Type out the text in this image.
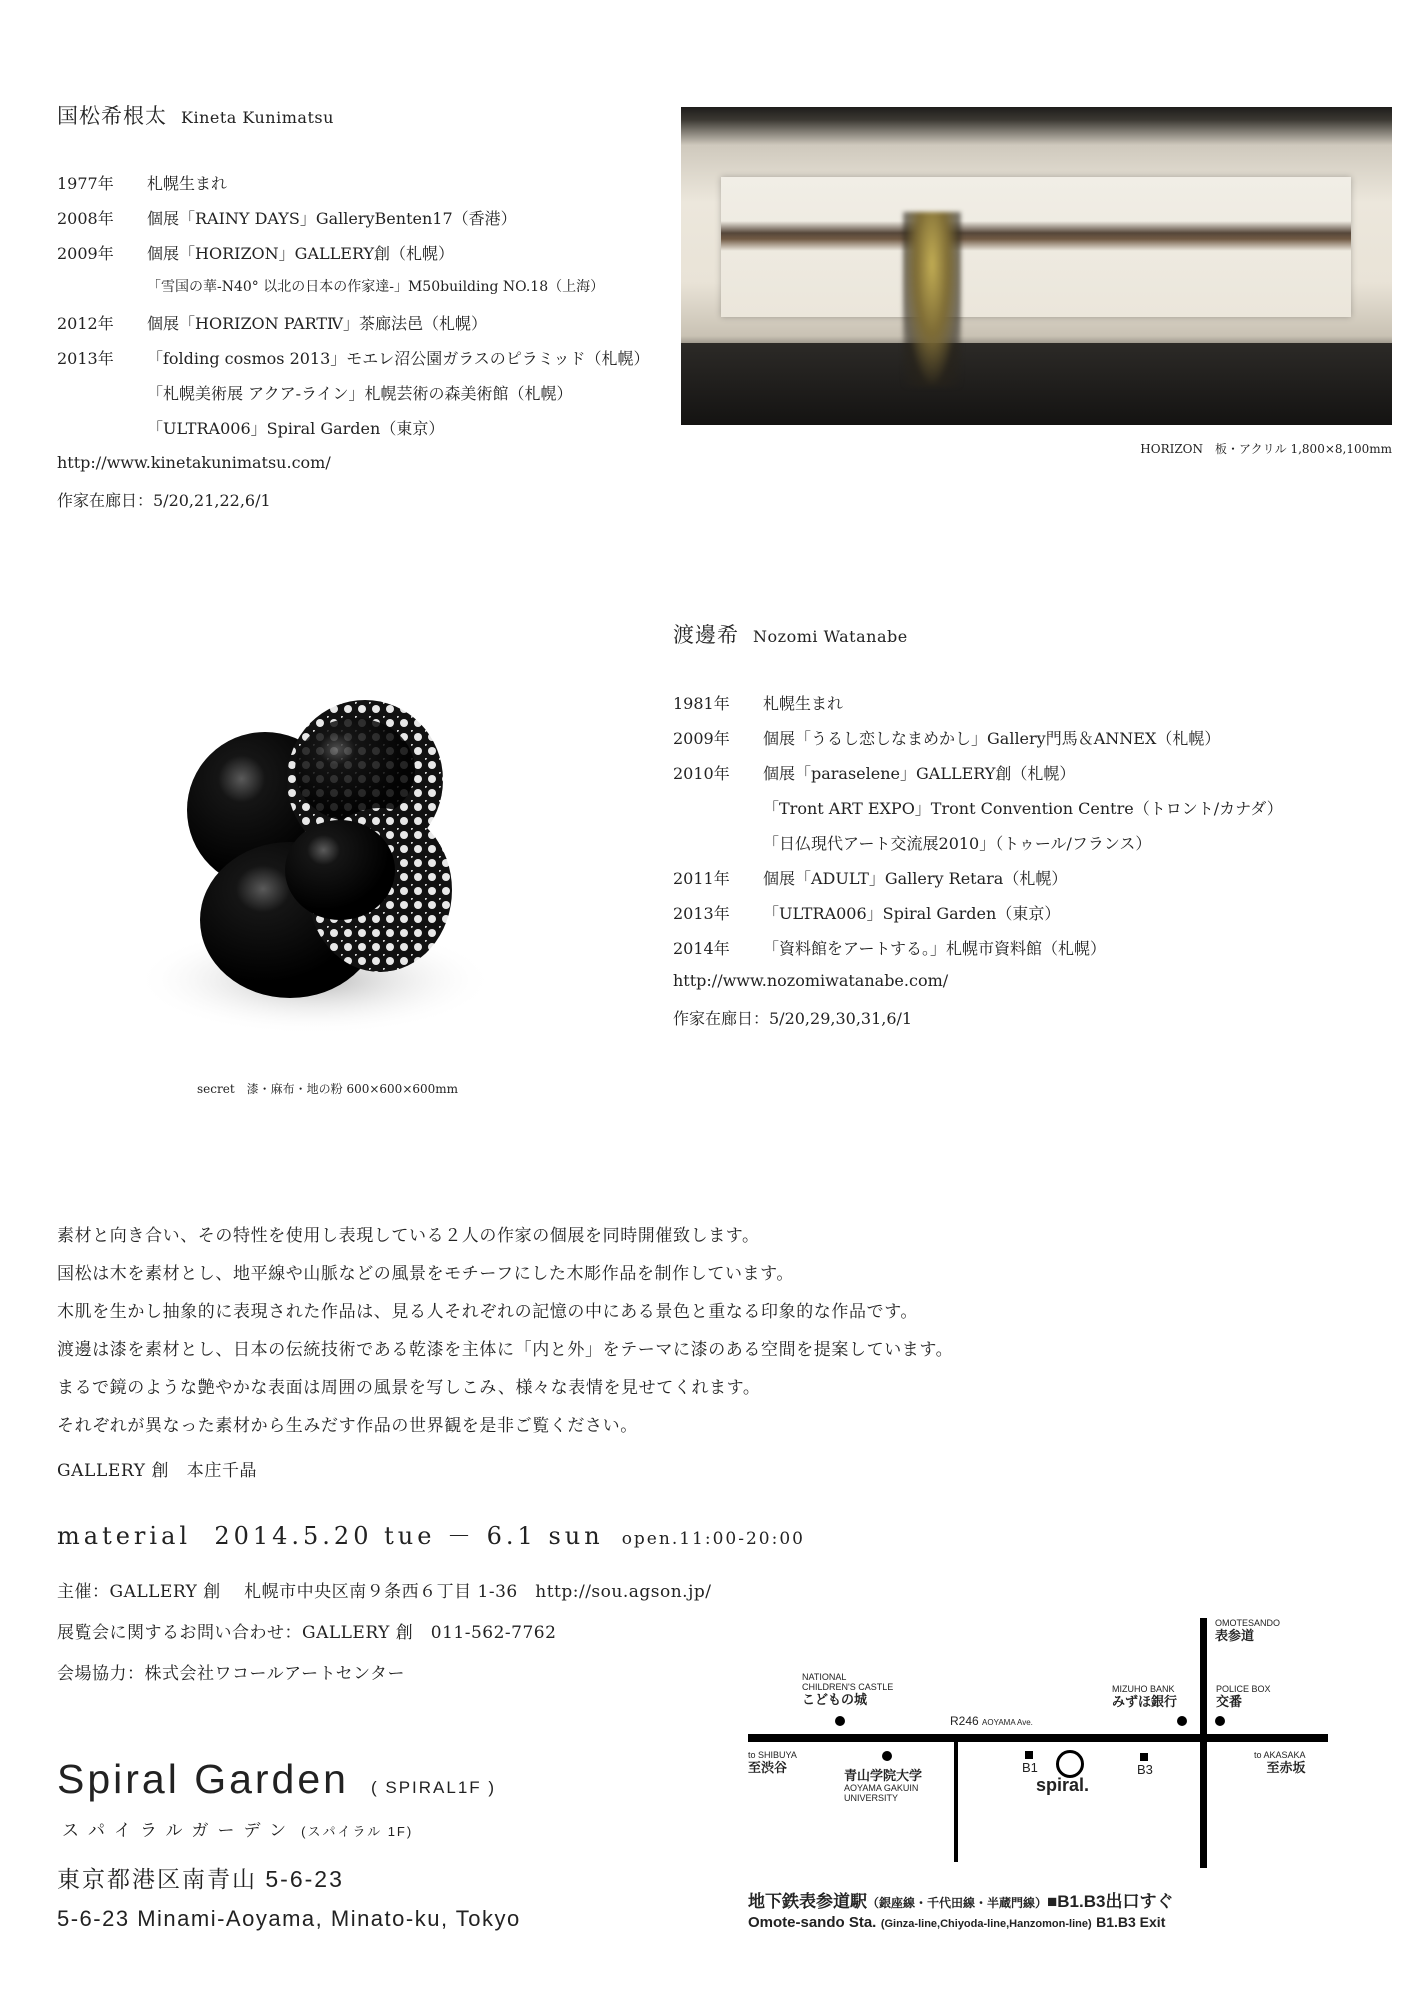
国松希根太 Kineta Kunimatsu
1977年 札幌生まれ
2008年 個展「RAINY DAYS」GalleryBenten17（香港）
2009年 個展「HORIZON」GALLERY創（札幌）
「雪国の華-N40° 以北の日本の作家達-」M50building NO.18（上海）
2012年 個展「HORIZON PARTⅣ」茶廊法邑（札幌）
2013年 「folding cosmos 2013」モエレ沼公園ガラスのピラミッド（札幌）
「札幌美術展 アクア-ライン」札幌芸術の森美術館（札幌）
「ULTRA006」Spiral Garden（東京）
http://www.kinetakunimatsu.com/
作家在廊日：5/20,21,22,6/1
HORIZON　板・アクリル 1,800×8,100mm
渡邊希 Nozomi Watanabe
1981年 札幌生まれ
2009年 個展「うるし恋しなまめかし」Gallery門馬＆ANNEX（札幌）
2010年 個展「paraselene」GALLERY創（札幌）
「Tront ART EXPO」Tront Convention Centre（トロント/カナダ）
「日仏現代アート交流展2010」（トゥール/フランス）
2011年 個展「ADULT」Gallery Retara（札幌）
2013年 「ULTRA006」Spiral Garden（東京）
2014年 「資料館をアートする。」札幌市資料館（札幌）
http://www.nozomiwatanabe.com/
作家在廊日：5/20,29,30,31,6/1
secret　漆・麻布・地の粉 600×600×600mm
素材と向き合い、その特性を使用し表現している２人の作家の個展を同時開催致します。
国松は木を素材とし、地平線や山脈などの風景をモチーフにした木彫作品を制作しています。
木肌を生かし抽象的に表現された作品は、見る人それぞれの記憶の中にある景色と重なる印象的な作品です。
渡邊は漆を素材とし、日本の伝統技術である乾漆を主体に「内と外」をテーマに漆のある空間を提案しています。
まるで鏡のような艶やかな表面は周囲の風景を写しこみ、様々な表情を見せてくれます。
それぞれが異なった素材から生みだす作品の世界観を是非ご覧ください。
GALLERY 創　本庄千晶
material 2014.5.20 tue － 6.1 sun open.11:00-20:00
主催：GALLERY 創　 札幌市中央区南９条西６丁目 1-36　http://sou.agson.jp/
展覧会に関するお問い合わせ：GALLERY 創　011-562-7762
会場協力：株式会社ワコールアートセンター
Spiral Garden ( SPIRAL1F )
スパイラルガーデン (スパイラル 1F)
東京都港区南青山 5-6-23
5-6-23 Minami-Aoyama, Minato-ku, Tokyo
OMOTESANDO
表参道
NATIONAL
CHILDREN'S CASTLE
こどもの城
MIZUHO BANK
みずほ銀行
POLICE BOX
交番
R246 AOYAMA Ave.
to SHIBUYA
至渋谷
to AKASAKA
至赤坂
青山学院大学
AOYAMA GAKUIN
UNIVERSITY
B1
spiral.
B3
地下鉄表参道駅（銀座線・千代田線・半蔵門線）■B1.B3出口すぐ
Omote-sando Sta. (Ginza-line,Chiyoda-line,Hanzomon-line) B1.B3 Exit
